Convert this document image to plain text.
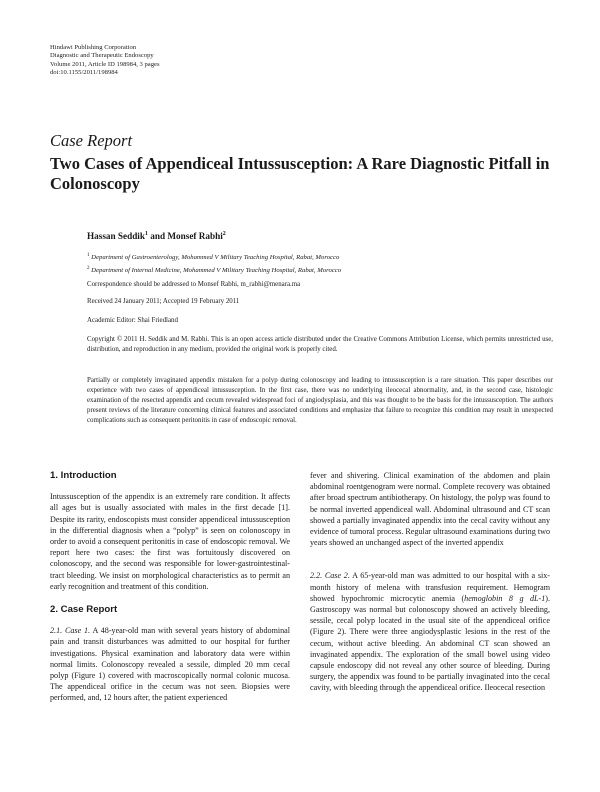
Hindawi Publishing Corporation
Diagnostic and Therapeutic Endoscopy
Volume 2011, Article ID 198984, 3 pages
doi:10.1155/2011/198984
Case Report
Two Cases of Appendiceal Intussusception: A Rare Diagnostic Pitfall in Colonoscopy
Hassan Seddik$^1$ and Monsef Rabhi$^2$
$^1$ Department of Gastroenterology, Mohammed V Military Teaching Hospital, Rabat, Morocco
$^2$ Department of Internal Medicine, Mohammed V Military Teaching Hospital, Rabat, Morocco
Correspondence should be addressed to Monsef Rabhi, m_rabhi@menara.ma
Received 24 January 2011; Accepted 19 February 2011
Academic Editor: Shai Friedland
Copyright © 2011 H. Seddik and M. Rabhi. This is an open access article distributed under the Creative Commons Attribution License, which permits unrestricted use, distribution, and reproduction in any medium, provided the original work is properly cited.
Partially or completely invaginated appendix mistaken for a polyp during colonoscopy and leading to intussusception is a rare situation. This paper describes our experience with two cases of appendiceal intussusception. In the first case, there was no underlying ileocecal abnormality, and, in the second case, histologic examination of the resected appendix and cecum revealed widespread foci of angiodysplasia, and this was thought to be the basis for the intussusception. The authors present reviews of the literature concerning clinical features and associated conditions and emphasize that failure to recognize this condition may result in unexpected complications such as consequent peritonitis in case of endoscopic removal.
1. Introduction

Intussusception of the appendix is an extremely rare condition. It affects all ages but is usually associated with males in the first decade [1]. Despite its rarity, endoscopists must consider appendiceal intussusception in the differential diagnosis when a “polyp” is seen on colonoscopy in order to avoid a consequent peritonitis in case of endoscopic removal. We report here two cases: the first was fortuitously discovered on colonoscopy, and the second was responsible for lower-gastrointestinal-tract bleeding. We insist on morphological characteristics as to permit an early recognition and treatment of this condition.

2. Case Report

2.1. Case 1. A 48-year-old man with several years history of abdominal pain and transit disturbances was admitted to our hospital for further investigations. Physical examination and laboratory data were within normal limits. Colonoscopy revealed a sessile, dimpled 20 mm cecal polyp (Figure 1) covered with macroscopically normal colonic mucosa. The appendiceal orifice in the cecum was not seen. Biopsies were performed, and, 12 hours after, the patient experienced

fever and shivering. Clinical examination of the abdomen and plain abdominal roentgenogram were normal. Complete recovery was obtained after broad spectrum antibiotherapy. On histology, the polyp was found to be normal inverted appendiceal wall. Abdominal ultrasound and CT scan showed a partially invaginated appendix into the cecal cavity without any evidence of tumoral process. Regular ultrasound examinations during two years showed an unchanged aspect of the inverted appendix

2.2. Case 2. A 65-year-old man was admitted to our hospital with a six-month history of melena with transfusion requirement. Hemogram showed hypochromic microcytic anemia (hemoglobin 8 g dL-1). Gastroscopy was normal but colonoscopy showed an actively bleeding, sessile, cecal polyp located in the usual site of the appendiceal orifice (Figure 2). There were three angiodysplastic lesions in the rest of the cecum, without active bleeding. An abdominal CT scan showed an invaginated appendix. The exploration of the small bowel using video capsule endoscopy did not reveal any other source of bleeding. During surgery, the appendix was found to be partially invaginated into the cecal cavity, with bleeding through the appendiceal orifice. Ileocecal resection
